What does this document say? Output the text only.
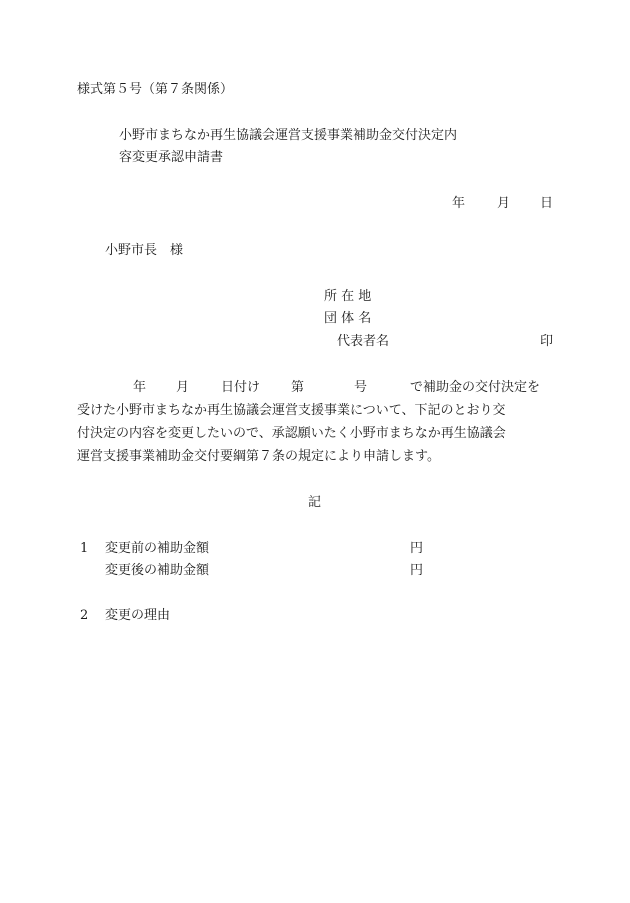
様式第５号（第７条関係）
小野市まちなか再生協議会運営支援事業補助金交付決定内
容変更承認申請書
年 月 日
小野市長　様
所 在 地
団 体 名
代表者名	印
年 月 日付け 第	号	で補助金の交付決定を
受けた小野市まちなか再生協議会運営支援事業について、下記のとおり交
付決定の内容を変更したいので、承認願いたく小野市まちなか再生協議会
運営支援事業補助金交付要綱第７条の規定により申請します。
記
1 変更前の補助金額	円
変更後の補助金額	円
2 変更の理由
